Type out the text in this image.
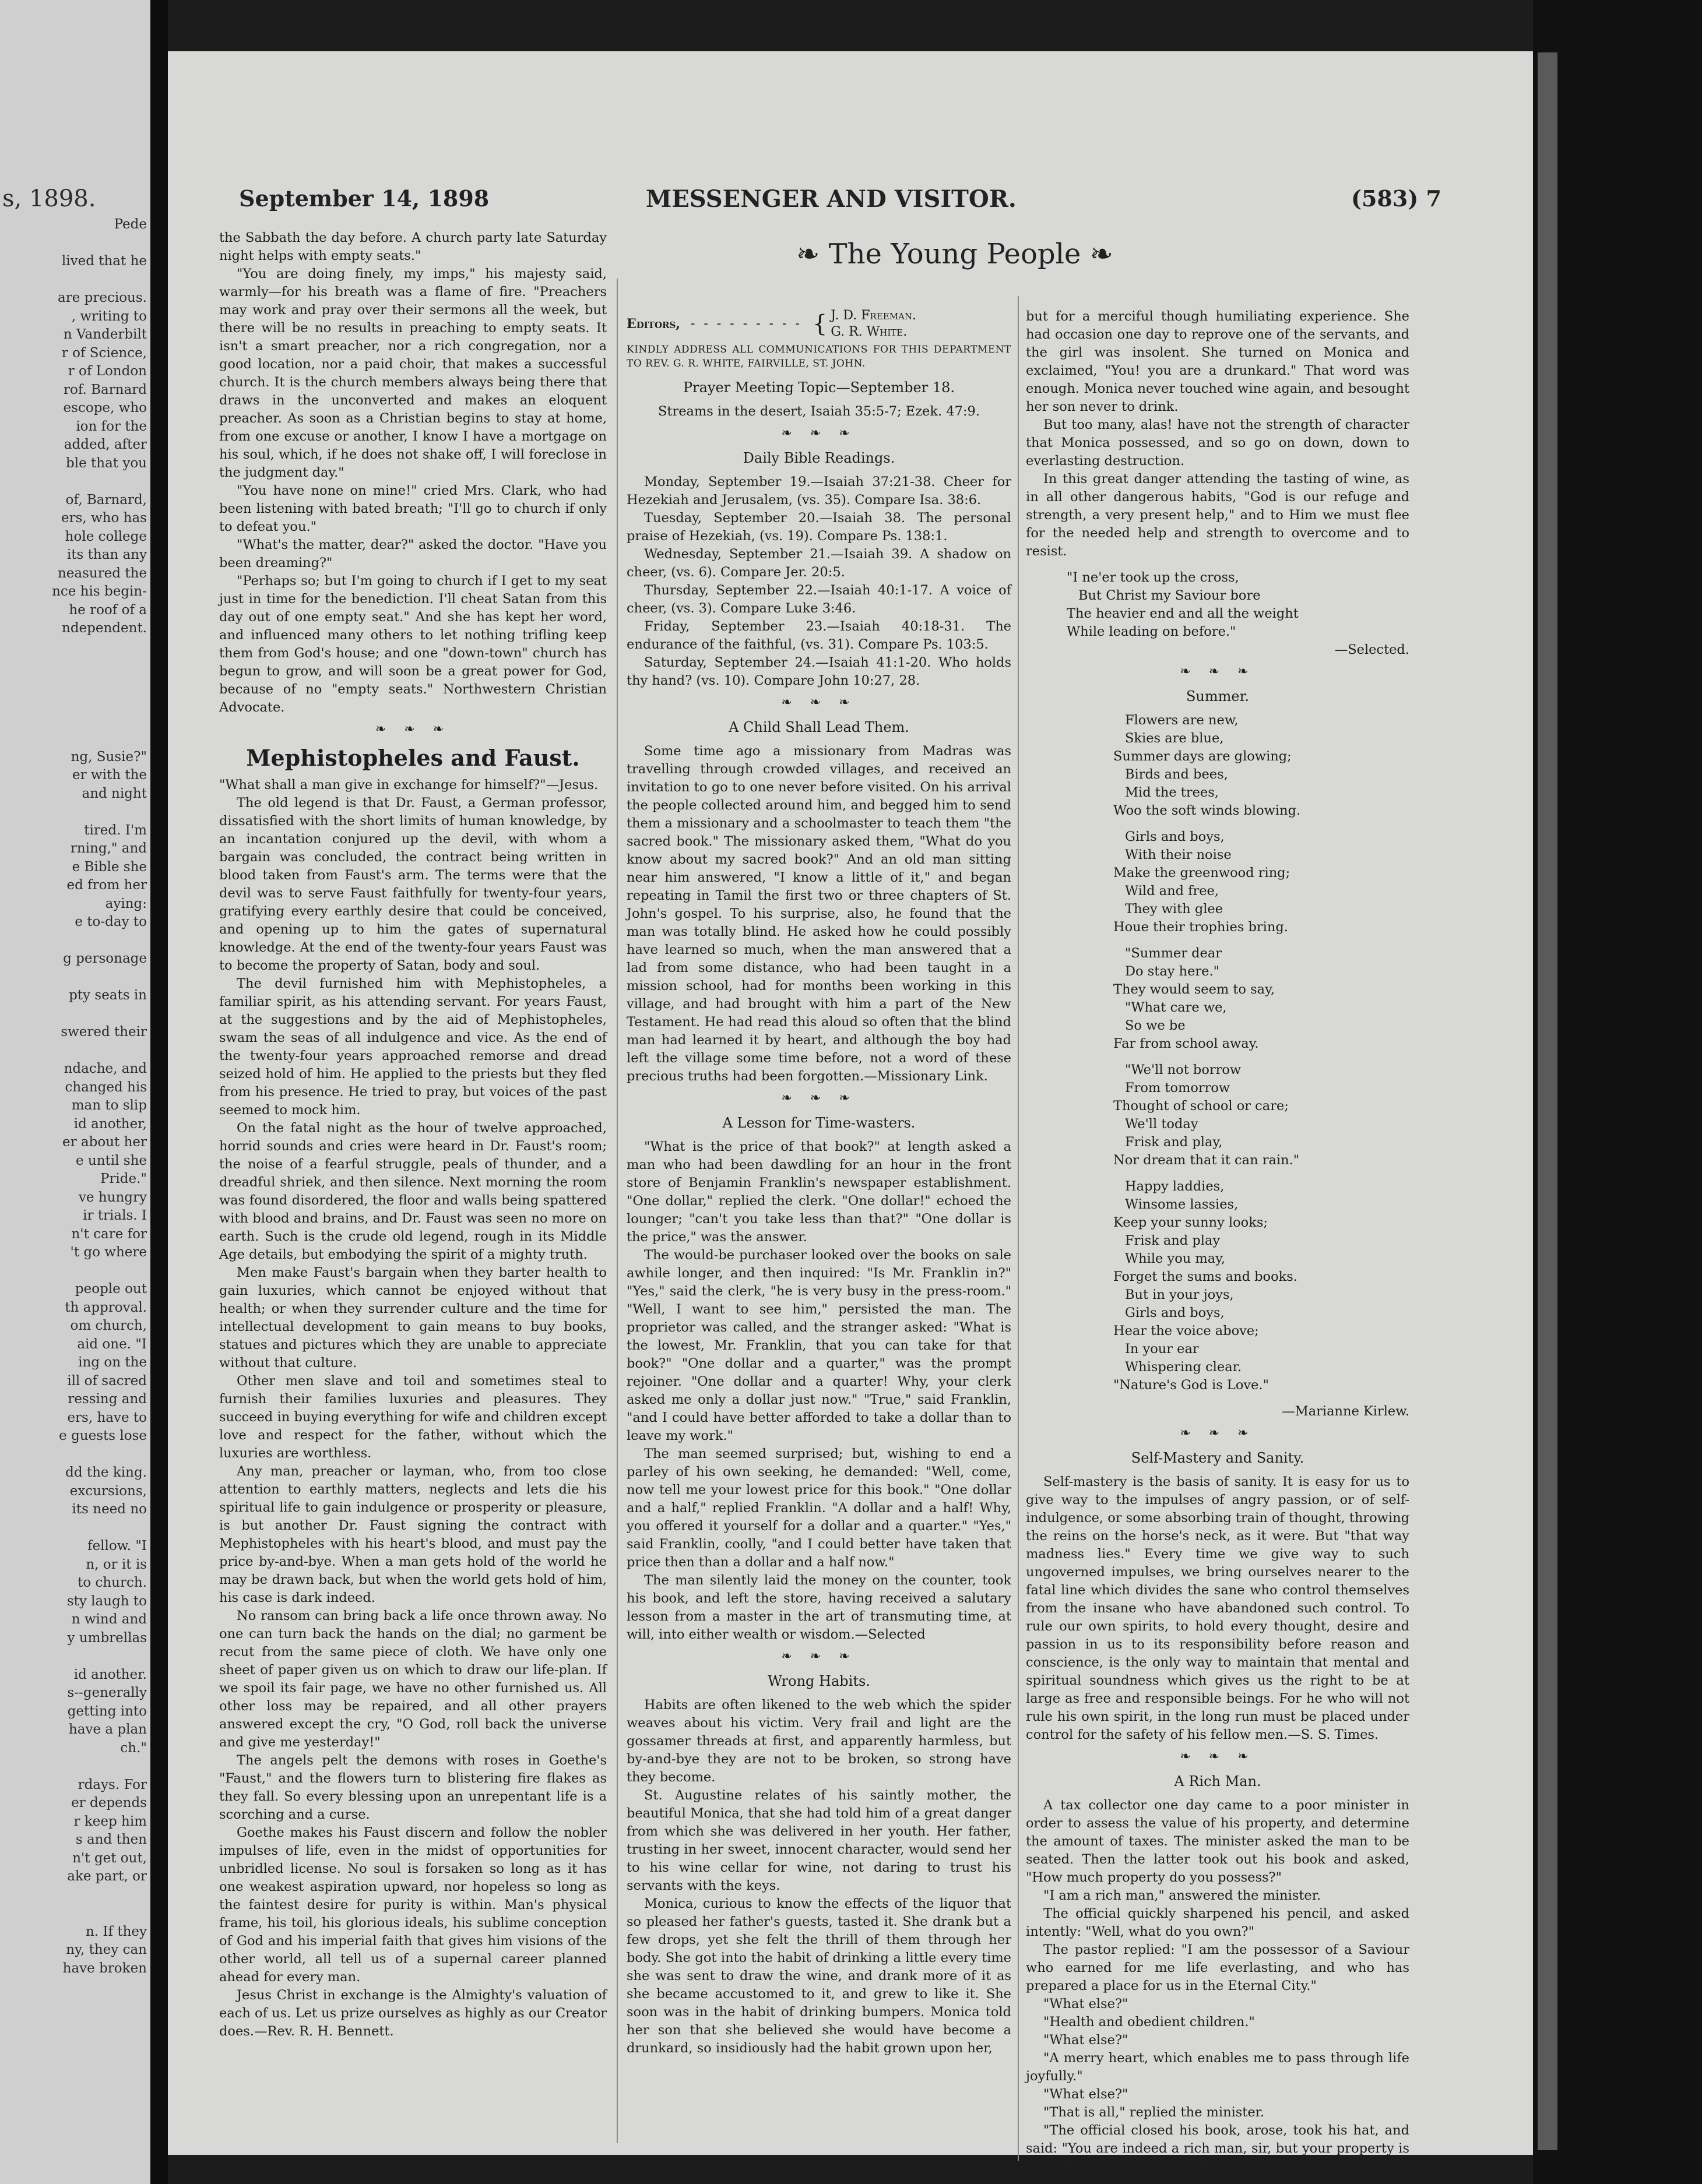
s, 1898.
Pede
lived that he
are precious.
, writing to
n Vanderbilt
r of Science,
r of London
rof. Barnard
escope, who
ion for the
added, after
ble that you
of, Barnard,
ers, who has
hole college
its than any
neasured the
nce his begin-
he roof of a
ndependent.
ng, Susie?"
er with the
and night
tired. I'm
rning," and
e Bible she
ed from her
aying:
e to-day to
g personage
pty seats in
swered their
ndache, and
changed his
man to slip
id another,
er about her
e until she
Pride."
ve hungry
ir trials. I
n't care for
't go where
people out
th approval.
om church,
aid one. "I
ing on the
ill of sacred
ressing and
ers, have to
e guests lose
dd the king.
excursions,
its need no
fellow. "I
n, or it is
to church.
sty laugh to
n wind and
y umbrellas
id another.
s--generally
getting into
have a plan
ch."
rdays. For
er depends
r keep him
s and then
n't get out,
ake part, or
n. If they
ny, they can
have broken
September 14, 1898	MESSENGER AND VISITOR.	(583) 7
❧ The Young People ❧

the Sabbath the day before. A church party late Saturday night helps with empty seats."

"You are doing finely, my imps," his majesty said, warmly—for his breath was a flame of fire. "Preachers may work and pray over their sermons all the week, but there will be no results in preaching to empty seats. It isn't a smart preacher, nor a rich congregation, nor a good location, nor a paid choir, that makes a successful church. It is the church members always being there that draws in the unconverted and makes an eloquent preacher. As soon as a Christian begins to stay at home, from one excuse or another, I know I have a mortgage on his soul, which, if he does not shake off, I will foreclose in the judgment day."

"You have none on mine!" cried Mrs. Clark, who had been listening with bated breath; "I'll go to church if only to defeat you."

"What's the matter, dear?" asked the doctor. "Have you been dreaming?"

"Perhaps so; but I'm going to church if I get to my seat just in time for the benediction. I'll cheat Satan from this day out of one empty seat." And she has kept her word, and influenced many others to let nothing trifling keep them from God's house; and one "down-town" church has begun to grow, and will soon be a great power for God, because of no "empty seats." Northwestern Christian Advocate.

❧ ❧ ❧

Mephistopheles and Faust.

"What shall a man give in exchange for himself?"—Jesus.

The old legend is that Dr. Faust, a German professor, dissatisfied with the short limits of human knowledge, by an incantation conjured up the devil, with whom a bargain was concluded, the contract being written in blood taken from Faust's arm. The terms were that the devil was to serve Faust faithfully for twenty-four years, gratifying every earthly desire that could be conceived, and opening up to him the gates of supernatural knowledge. At the end of the twenty-four years Faust was to become the property of Satan, body and soul.

The devil furnished him with Mephistopheles, a familiar spirit, as his attending servant. For years Faust, at the suggestions and by the aid of Mephistopheles, swam the seas of all indulgence and vice. As the end of the twenty-four years approached remorse and dread seized hold of him. He applied to the priests but they fled from his presence. He tried to pray, but voices of the past seemed to mock him.

On the fatal night as the hour of twelve approached, horrid sounds and cries were heard in Dr. Faust's room; the noise of a fearful struggle, peals of thunder, and a dreadful shriek, and then silence. Next morning the room was found disordered, the floor and walls being spattered with blood and brains, and Dr. Faust was seen no more on earth. Such is the crude old legend, rough in its Middle Age details, but embodying the spirit of a mighty truth.

Men make Faust's bargain when they barter health to gain luxuries, which cannot be enjoyed without that health; or when they surrender culture and the time for intellectual development to gain means to buy books, statues and pictures which they are unable to appreciate without that culture.

Other men slave and toil and sometimes steal to furnish their families luxuries and pleasures. They succeed in buying everything for wife and children except love and respect for the father, without which the luxuries are worthless.

Any man, preacher or layman, who, from too close attention to earthly matters, neglects and lets die his spiritual life to gain indulgence or prosperity or pleasure, is but another Dr. Faust signing the contract with Mephistopheles with his heart's blood, and must pay the price by-and-bye. When a man gets hold of the world he may be drawn back, but when the world gets hold of him, his case is dark indeed.

No ransom can bring back a life once thrown away. No one can turn back the hands on the dial; no garment be recut from the same piece of cloth. We have only one sheet of paper given us on which to draw our life-plan. If we spoil its fair page, we have no other furnished us. All other loss may be repaired, and all other prayers answered except the cry, "O God, roll back the universe and give me yesterday!"

The angels pelt the demons with roses in Goethe's "Faust," and the flowers turn to blistering fire flakes as they fall. So every blessing upon an unrepentant life is a scorching and a curse.

Goethe makes his Faust discern and follow the nobler impulses of life, even in the midst of opportunities for unbridled license. No soul is forsaken so long as it has one weakest aspiration upward, nor hopeless so long as the faintest desire for purity is within. Man's physical frame, his toil, his glorious ideals, his sublime conception of God and his imperial faith that gives him visions of the other world, all tell us of a supernal career planned ahead for every man.

Jesus Christ in exchange is the Almighty's valuation of each of us. Let us prize ourselves as highly as our Creator does.—Rev. R. H. Bennett.

Editors, - - - - - - - - - { J. D. Freeman.
G. R. White.
KINDLY ADDRESS ALL COMMUNICATIONS FOR THIS DEPARTMENT TO REV. G. R. WHITE, FAIRVILLE, ST. JOHN.

Prayer Meeting Topic—September 18.

Streams in the desert, Isaiah 35:5-7; Ezek. 47:9.

❧ ❧ ❧

Daily Bible Readings.

Monday, September 19.—Isaiah 37:21-38. Cheer for Hezekiah and Jerusalem, (vs. 35). Compare Isa. 38:6.

Tuesday, September 20.—Isaiah 38. The personal praise of Hezekiah, (vs. 19). Compare Ps. 138:1.

Wednesday, September 21.—Isaiah 39. A shadow on cheer, (vs. 6). Compare Jer. 20:5.

Thursday, September 22.—Isaiah 40:1-17. A voice of cheer, (vs. 3). Compare Luke 3:46.

Friday, September 23.—Isaiah 40:18-31. The endurance of the faithful, (vs. 31). Compare Ps. 103:5.

Saturday, September 24.—Isaiah 41:1-20. Who holds thy hand? (vs. 10). Compare John 10:27, 28.

❧ ❧ ❧

A Child Shall Lead Them.

Some time ago a missionary from Madras was travelling through crowded villages, and received an invitation to go to one never before visited. On his arrival the people collected around him, and begged him to send them a missionary and a schoolmaster to teach them "the sacred book." The missionary asked them, "What do you know about my sacred book?" And an old man sitting near him answered, "I know a little of it," and began repeating in Tamil the first two or three chapters of St. John's gospel. To his surprise, also, he found that the man was totally blind. He asked how he could possibly have learned so much, when the man answered that a lad from some distance, who had been taught in a mission school, had for months been working in this village, and had brought with him a part of the New Testament. He had read this aloud so often that the blind man had learned it by heart, and although the boy had left the village some time before, not a word of these precious truths had been forgotten.—Missionary Link.

❧ ❧ ❧

A Lesson for Time-wasters.

"What is the price of that book?" at length asked a man who had been dawdling for an hour in the front store of Benjamin Franklin's newspaper establishment. "One dollar," replied the clerk. "One dollar!" echoed the lounger; "can't you take less than that?" "One dollar is the price," was the answer.

The would-be purchaser looked over the books on sale awhile longer, and then inquired: "Is Mr. Franklin in?" "Yes," said the clerk, "he is very busy in the press-room." "Well, I want to see him," persisted the man. The proprietor was called, and the stranger asked: "What is the lowest, Mr. Franklin, that you can take for that book?" "One dollar and a quarter," was the prompt rejoiner. "One dollar and a quarter! Why, your clerk asked me only a dollar just now." "True," said Franklin, "and I could have better afforded to take a dollar than to leave my work."

The man seemed surprised; but, wishing to end a parley of his own seeking, he demanded: "Well, come, now tell me your lowest price for this book." "One dollar and a half," replied Franklin. "A dollar and a half! Why, you offered it yourself for a dollar and a quarter." "Yes," said Franklin, coolly, "and I could better have taken that price then than a dollar and a half now."

The man silently laid the money on the counter, took his book, and left the store, having received a salutary lesson from a master in the art of transmuting time, at will, into either wealth or wisdom.—Selected

❧ ❧ ❧

Wrong Habits.

Habits are often likened to the web which the spider weaves about his victim. Very frail and light are the gossamer threads at first, and apparently harmless, but by-and-bye they are not to be broken, so strong have they become.

St. Augustine relates of his saintly mother, the beautiful Monica, that she had told him of a great danger from which she was delivered in her youth. Her father, trusting in her sweet, innocent character, would send her to his wine cellar for wine, not daring to trust his servants with the keys.

Monica, curious to know the effects of the liquor that so pleased her father's guests, tasted it. She drank but a few drops, yet she felt the thrill of them through her body. She got into the habit of drinking a little every time she was sent to draw the wine, and drank more of it as she became accustomed to it, and grew to like it. She soon was in the habit of drinking bumpers. Monica told her son that she believed she would have become a drunkard, so insidiously had the habit grown upon her,

but for a merciful though humiliating experience. She had occasion one day to reprove one of the servants, and the girl was insolent. She turned on Monica and exclaimed, "You! you are a drunkard." That word was enough. Monica never touched wine again, and besought her son never to drink.

But too many, alas! have not the strength of character that Monica possessed, and so go on down, down to everlasting destruction.

In this great danger attending the tasting of wine, as in all other dangerous habits, "God is our refuge and strength, a very present help," and to Him we must flee for the needed help and strength to overcome and to resist.

"I ne'er took up the cross,
But Christ my Saviour bore
The heavier end and all the weight
While leading on before."
—Selected.

❧ ❧ ❧

Summer.

Flowers are new,
Skies are blue,
Summer days are glowing;
Birds and bees,
Mid the trees,
Woo the soft winds blowing.
Girls and boys,
With their noise
Make the greenwood ring;
Wild and free,
They with glee
Houe their trophies bring.
"Summer dear
Do stay here."
They would seem to say,
"What care we,
So we be
Far from school away.
"We'll not borrow
From tomorrow
Thought of school or care;
We'll today
Frisk and play,
Nor dream that it can rain."
Happy laddies,
Winsome lassies,
Keep your sunny looks;
Frisk and play
While you may,
Forget the sums and books.
But in your joys,
Girls and boys,
Hear the voice above;
In your ear
Whispering clear.
"Nature's God is Love."
—Marianne Kirlew.

❧ ❧ ❧

Self-Mastery and Sanity.

Self-mastery is the basis of sanity. It is easy for us to give way to the impulses of angry passion, or of self-indulgence, or some absorbing train of thought, throwing the reins on the horse's neck, as it were. But "that way madness lies." Every time we give way to such ungoverned impulses, we bring ourselves nearer to the fatal line which divides the sane who control themselves from the insane who have abandoned such control. To rule our own spirits, to hold every thought, desire and passion in us to its responsibility before reason and conscience, is the only way to maintain that mental and spiritual soundness which gives us the right to be at large as free and responsible beings. For he who will not rule his own spirit, in the long run must be placed under control for the safety of his fellow men.—S. S. Times.

❧ ❧ ❧

A Rich Man.

A tax collector one day came to a poor minister in order to assess the value of his property, and determine the amount of taxes. The minister asked the man to be seated. Then the latter took out his book and asked, "How much property do you possess?"

"I am a rich man," answered the minister.

The official quickly sharpened his pencil, and asked intently: "Well, what do you own?"

The pastor replied: "I am the possessor of a Saviour who earned for me life everlasting, and who has prepared a place for us in the Eternal City."

"What else?"

"Health and obedient children."

"What else?"

"A merry heart, which enables me to pass through life joyfully."

"What else?"

"That is all," replied the minister.

"The official closed his book, arose, took his hat, and said: "You are indeed a rich man, sir, but your property is not subject to taxation."—Selected.
